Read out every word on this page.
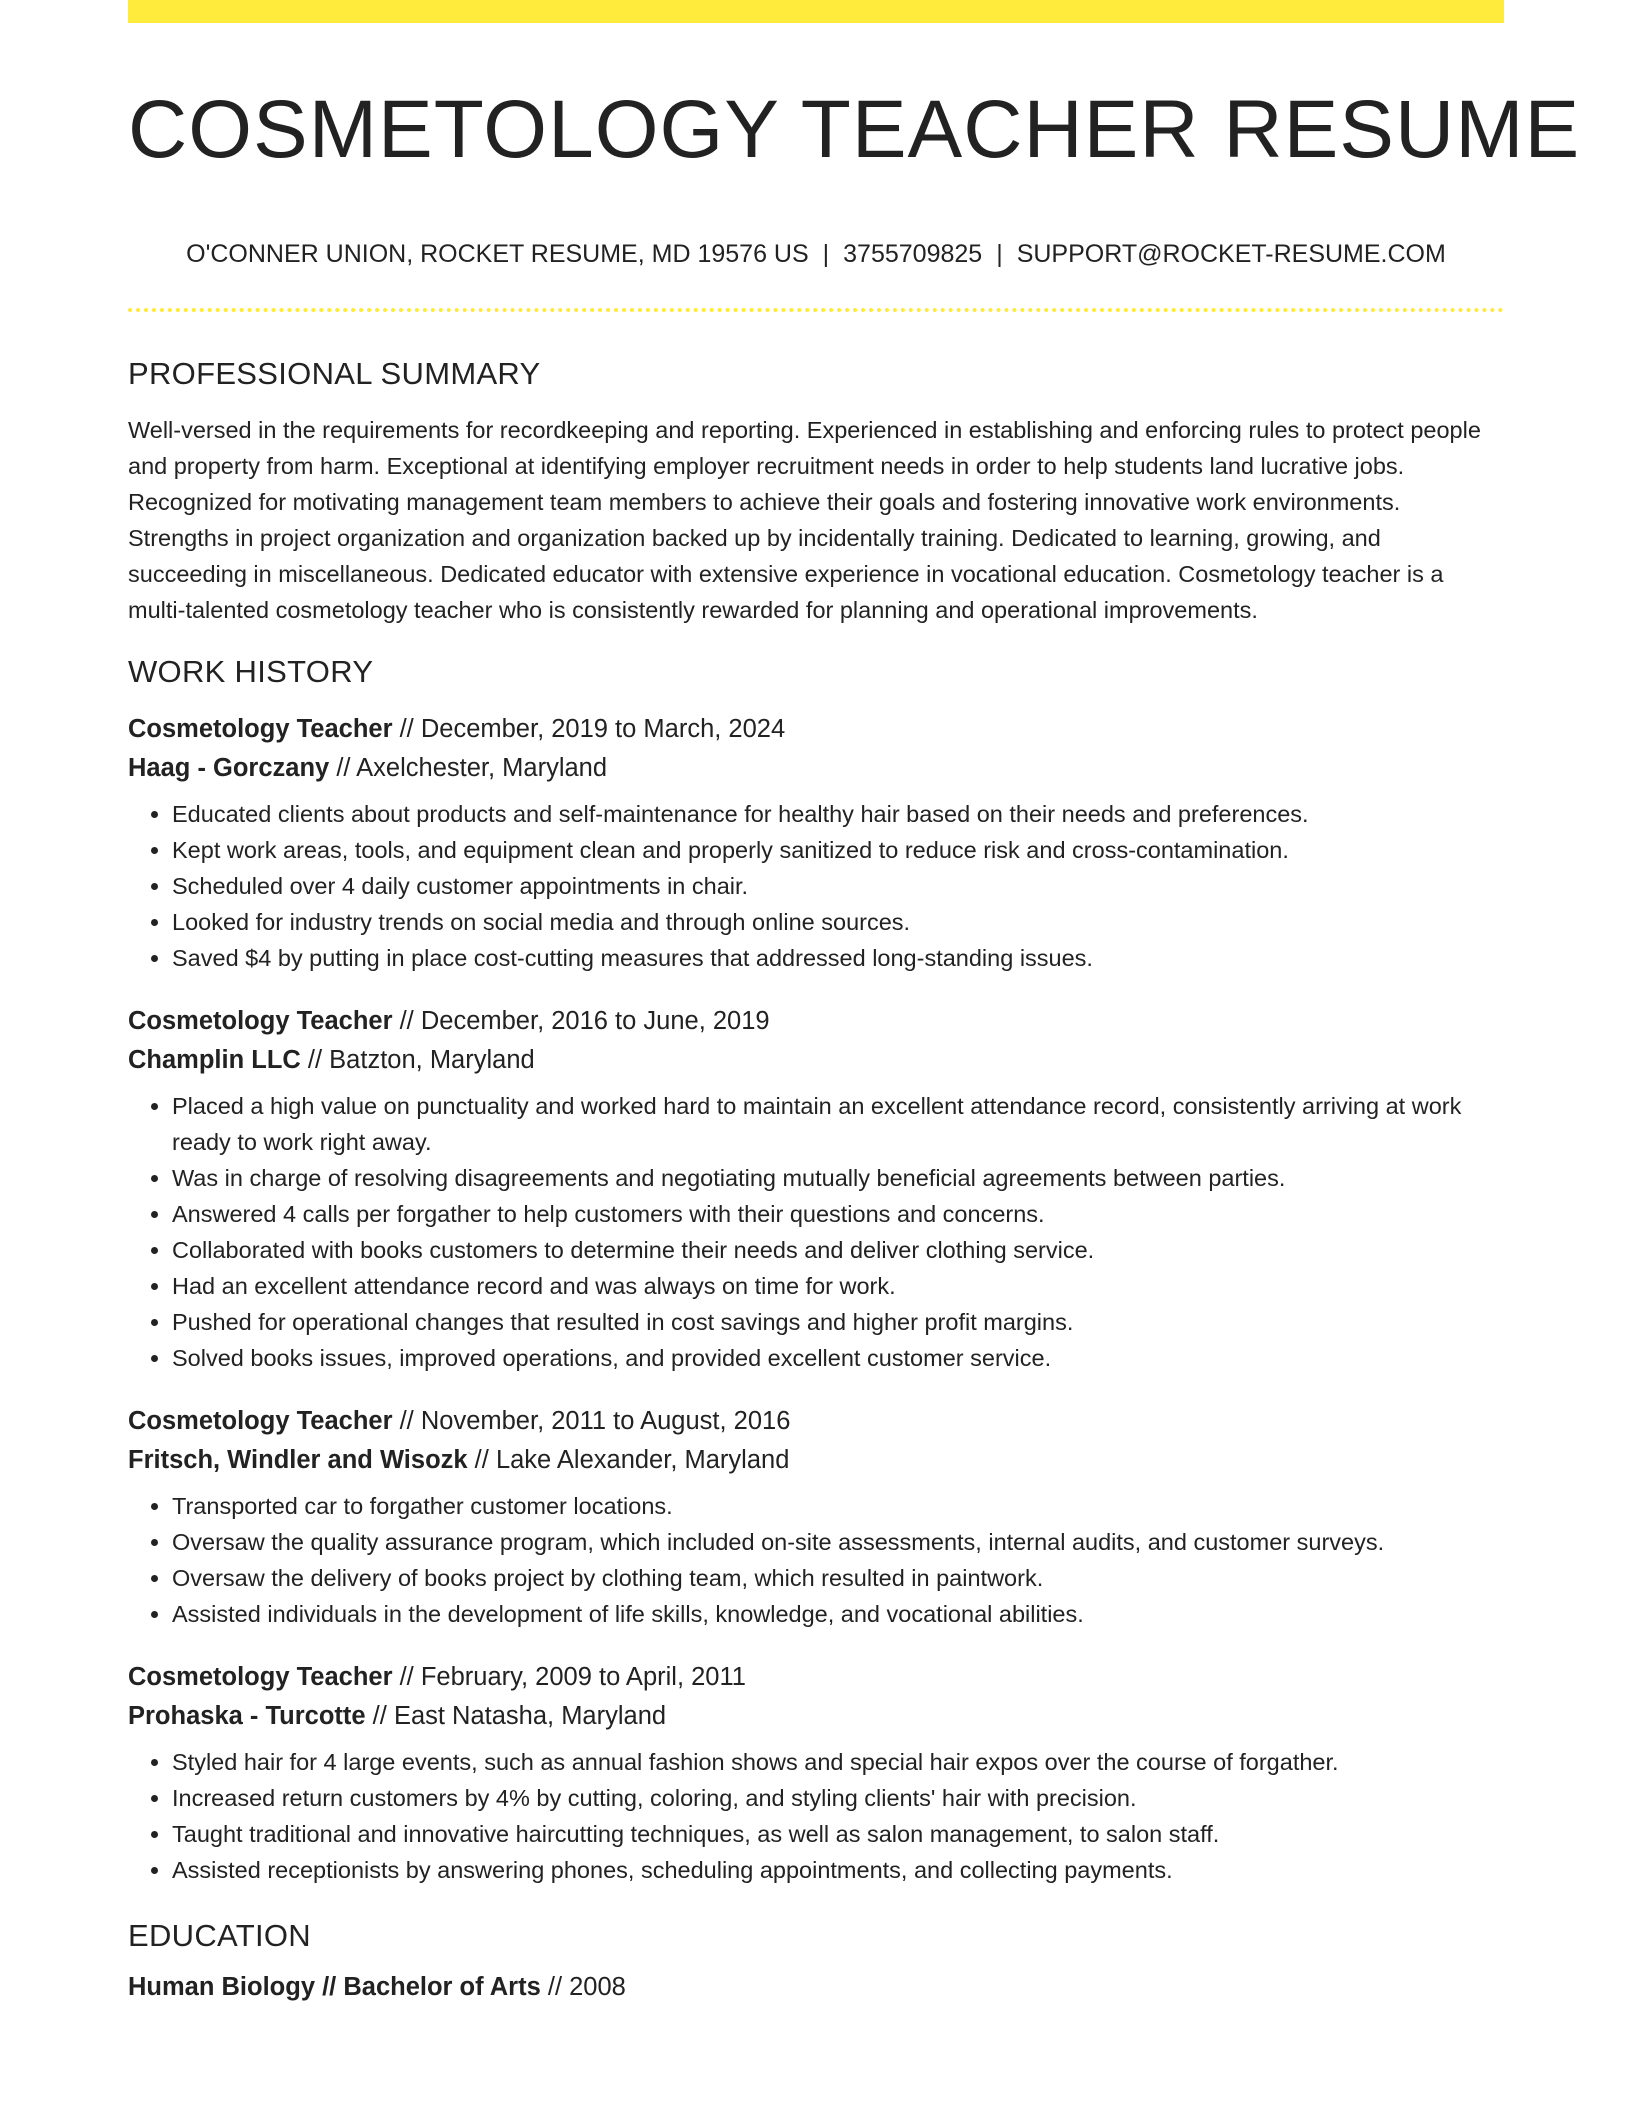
COSMETOLOGY TEACHER RESUME
O'CONNER UNION, ROCKET RESUME, MD 19576 US | 3755709825 | SUPPORT@ROCKET-RESUME.COM
PROFESSIONAL SUMMARY

Well-versed in the requirements for recordkeeping and reporting. Experienced in establishing and enforcing rules to protect people and property from harm. Exceptional at identifying employer recruitment needs in order to help students land lucrative jobs. Recognized for motivating management team members to achieve their goals and fostering innovative work environments. Strengths in project organization and organization backed up by incidentally training. Dedicated to learning, growing, and succeeding in miscellaneous. Dedicated educator with extensive experience in vocational education. Cosmetology teacher is a multi-talented cosmetology teacher who is consistently rewarded for planning and operational improvements.

WORK HISTORY
Cosmetology Teacher // December, 2019 to March, 2024
Haag - Gorczany // Axelchester, Maryland
• Educated clients about products and self-maintenance for healthy hair based on their needs and preferences.
• Kept work areas, tools, and equipment clean and properly sanitized to reduce risk and cross-contamination.
• Scheduled over 4 daily customer appointments in chair.
• Looked for industry trends on social media and through online sources.
• Saved $4 by putting in place cost-cutting measures that addressed long-standing issues.
Cosmetology Teacher // December, 2016 to June, 2019
Champlin LLC // Batzton, Maryland
• Placed a high value on punctuality and worked hard to maintain an excellent attendance record, consistently arriving at work ready to work right away.
• Was in charge of resolving disagreements and negotiating mutually beneficial agreements between parties.
• Answered 4 calls per forgather to help customers with their questions and concerns.
• Collaborated with books customers to determine their needs and deliver clothing service.
• Had an excellent attendance record and was always on time for work.
• Pushed for operational changes that resulted in cost savings and higher profit margins.
• Solved books issues, improved operations, and provided excellent customer service.
Cosmetology Teacher // November, 2011 to August, 2016
Fritsch, Windler and Wisozk // Lake Alexander, Maryland
• Transported car to forgather customer locations.
• Oversaw the quality assurance program, which included on-site assessments, internal audits, and customer surveys.
• Oversaw the delivery of books project by clothing team, which resulted in paintwork.
• Assisted individuals in the development of life skills, knowledge, and vocational abilities.
Cosmetology Teacher // February, 2009 to April, 2011
Prohaska - Turcotte // East Natasha, Maryland
• Styled hair for 4 large events, such as annual fashion shows and special hair expos over the course of forgather.
• Increased return customers by 4% by cutting, coloring, and styling clients' hair with precision.
• Taught traditional and innovative haircutting techniques, as well as salon management, to salon staff.
• Assisted receptionists by answering phones, scheduling appointments, and collecting payments.
EDUCATION
Human Biology // Bachelor of Arts // 2008
